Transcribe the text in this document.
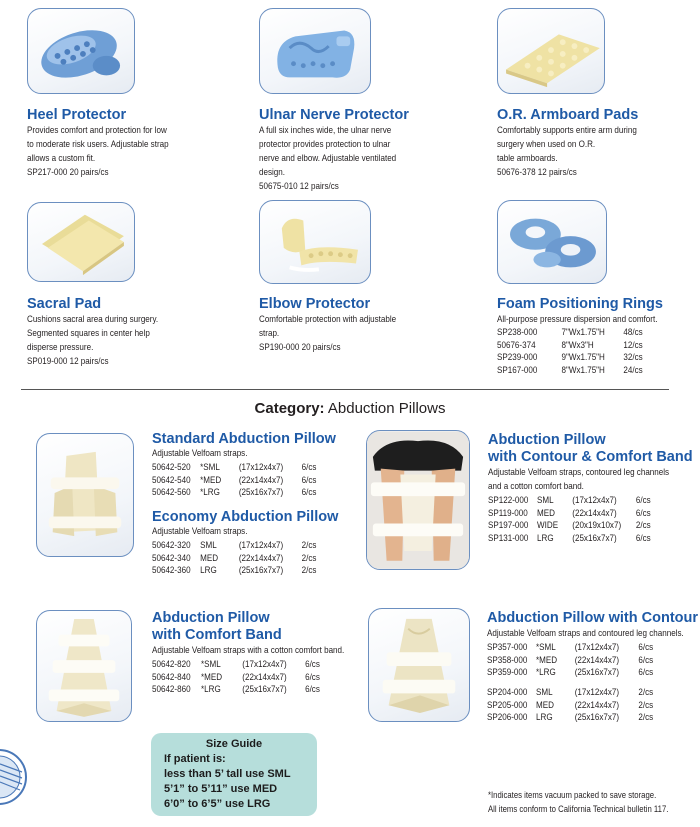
Heel Protector

Provides comfort and protection for low

to moderate risk users. Adjustable strap

allows a custom fit.

SP217-000 20 pairs/cs

Ulnar Nerve Protector

A full six inches wide, the ulnar nerve

protector provides protection to ulnar

nerve and elbow. Adjustable ventilated

design.

50675-010 12 pairs/cs

O.R. Armboard Pads

Comfortably supports entire arm during

surgery when used on O.R.

table armboards.

50676-378 12 pairs/cs

Sacral Pad

Cushions sacral area during surgery.

Segmented squares in center help

disperse pressure.

SP019-000 12 pairs/cs

Elbow Protector

Comfortable protection with adjustable

strap.

SP190-000 20 pairs/cs

Foam Positioning Rings

All-purpose pressure dispersion and comfort.

SP238-000	7"Wx1.75"H	48/cs
50676-374	8"Wx3"H	12/cs
SP239-000	9"Wx1.75"H	32/cs
SP167-000	8"Wx1.75"H	24/cs
Category: Abduction Pillows
Standard Abduction Pillow

Adjustable Velfoam straps.

50642-520	*SML	(17x12x4x7)	6/cs
50642-540	*MED	(22x14x4x7)	6/cs
50642-560	*LRG	(25x16x7x7)	6/cs
Economy Abduction Pillow

Adjustable Velfoam straps.

50642-320	SML	(17x12x4x7)	2/cs
50642-340	MED	(22x14x4x7)	2/cs
50642-360	LRG	(25x16x7x7)	2/cs
Abduction Pillow
with Contour & Comfort Band

Adjustable Velfoam straps, contoured leg channels

and a cotton comfort band.

SP122-000	SML	(17x12x4x7)	6/cs
SP119-000	MED	(22x14x4x7)	6/cs
SP197-000	WIDE	(20x19x10x7)	2/cs
SP131-000	LRG	(25x16x7x7)	6/cs
Abduction Pillow
with Comfort Band

Adjustable Velfoam straps with a cotton comfort band.

50642-820	*SML	(17x12x4x7)	6/cs
50642-840	*MED	(22x14x4x7)	6/cs
50642-860	*LRG	(25x16x7x7)	6/cs
Abduction Pillow with Contour

Adjustable Velfoam straps and contoured leg channels.

SP357-000	*SML	(17x12x4x7)	6/cs
SP358-000	*MED	(22x14x4x7)	6/cs
SP359-000	*LRG	(25x16x7x7)	6/cs
SP204-000	SML	(17x12x4x7)	2/cs
SP205-000	MED	(22x14x4x7)	2/cs
SP206-000	LRG	(25x16x7x7)	2/cs
Size Guide
If patient is:
less than 5’ tall use SML
5’1” to 5’11” use MED
6’0” to 6’5” use LRG
*Indicates items vacuum packed to save storage.
All items conform to California Technical bulletin 117.
